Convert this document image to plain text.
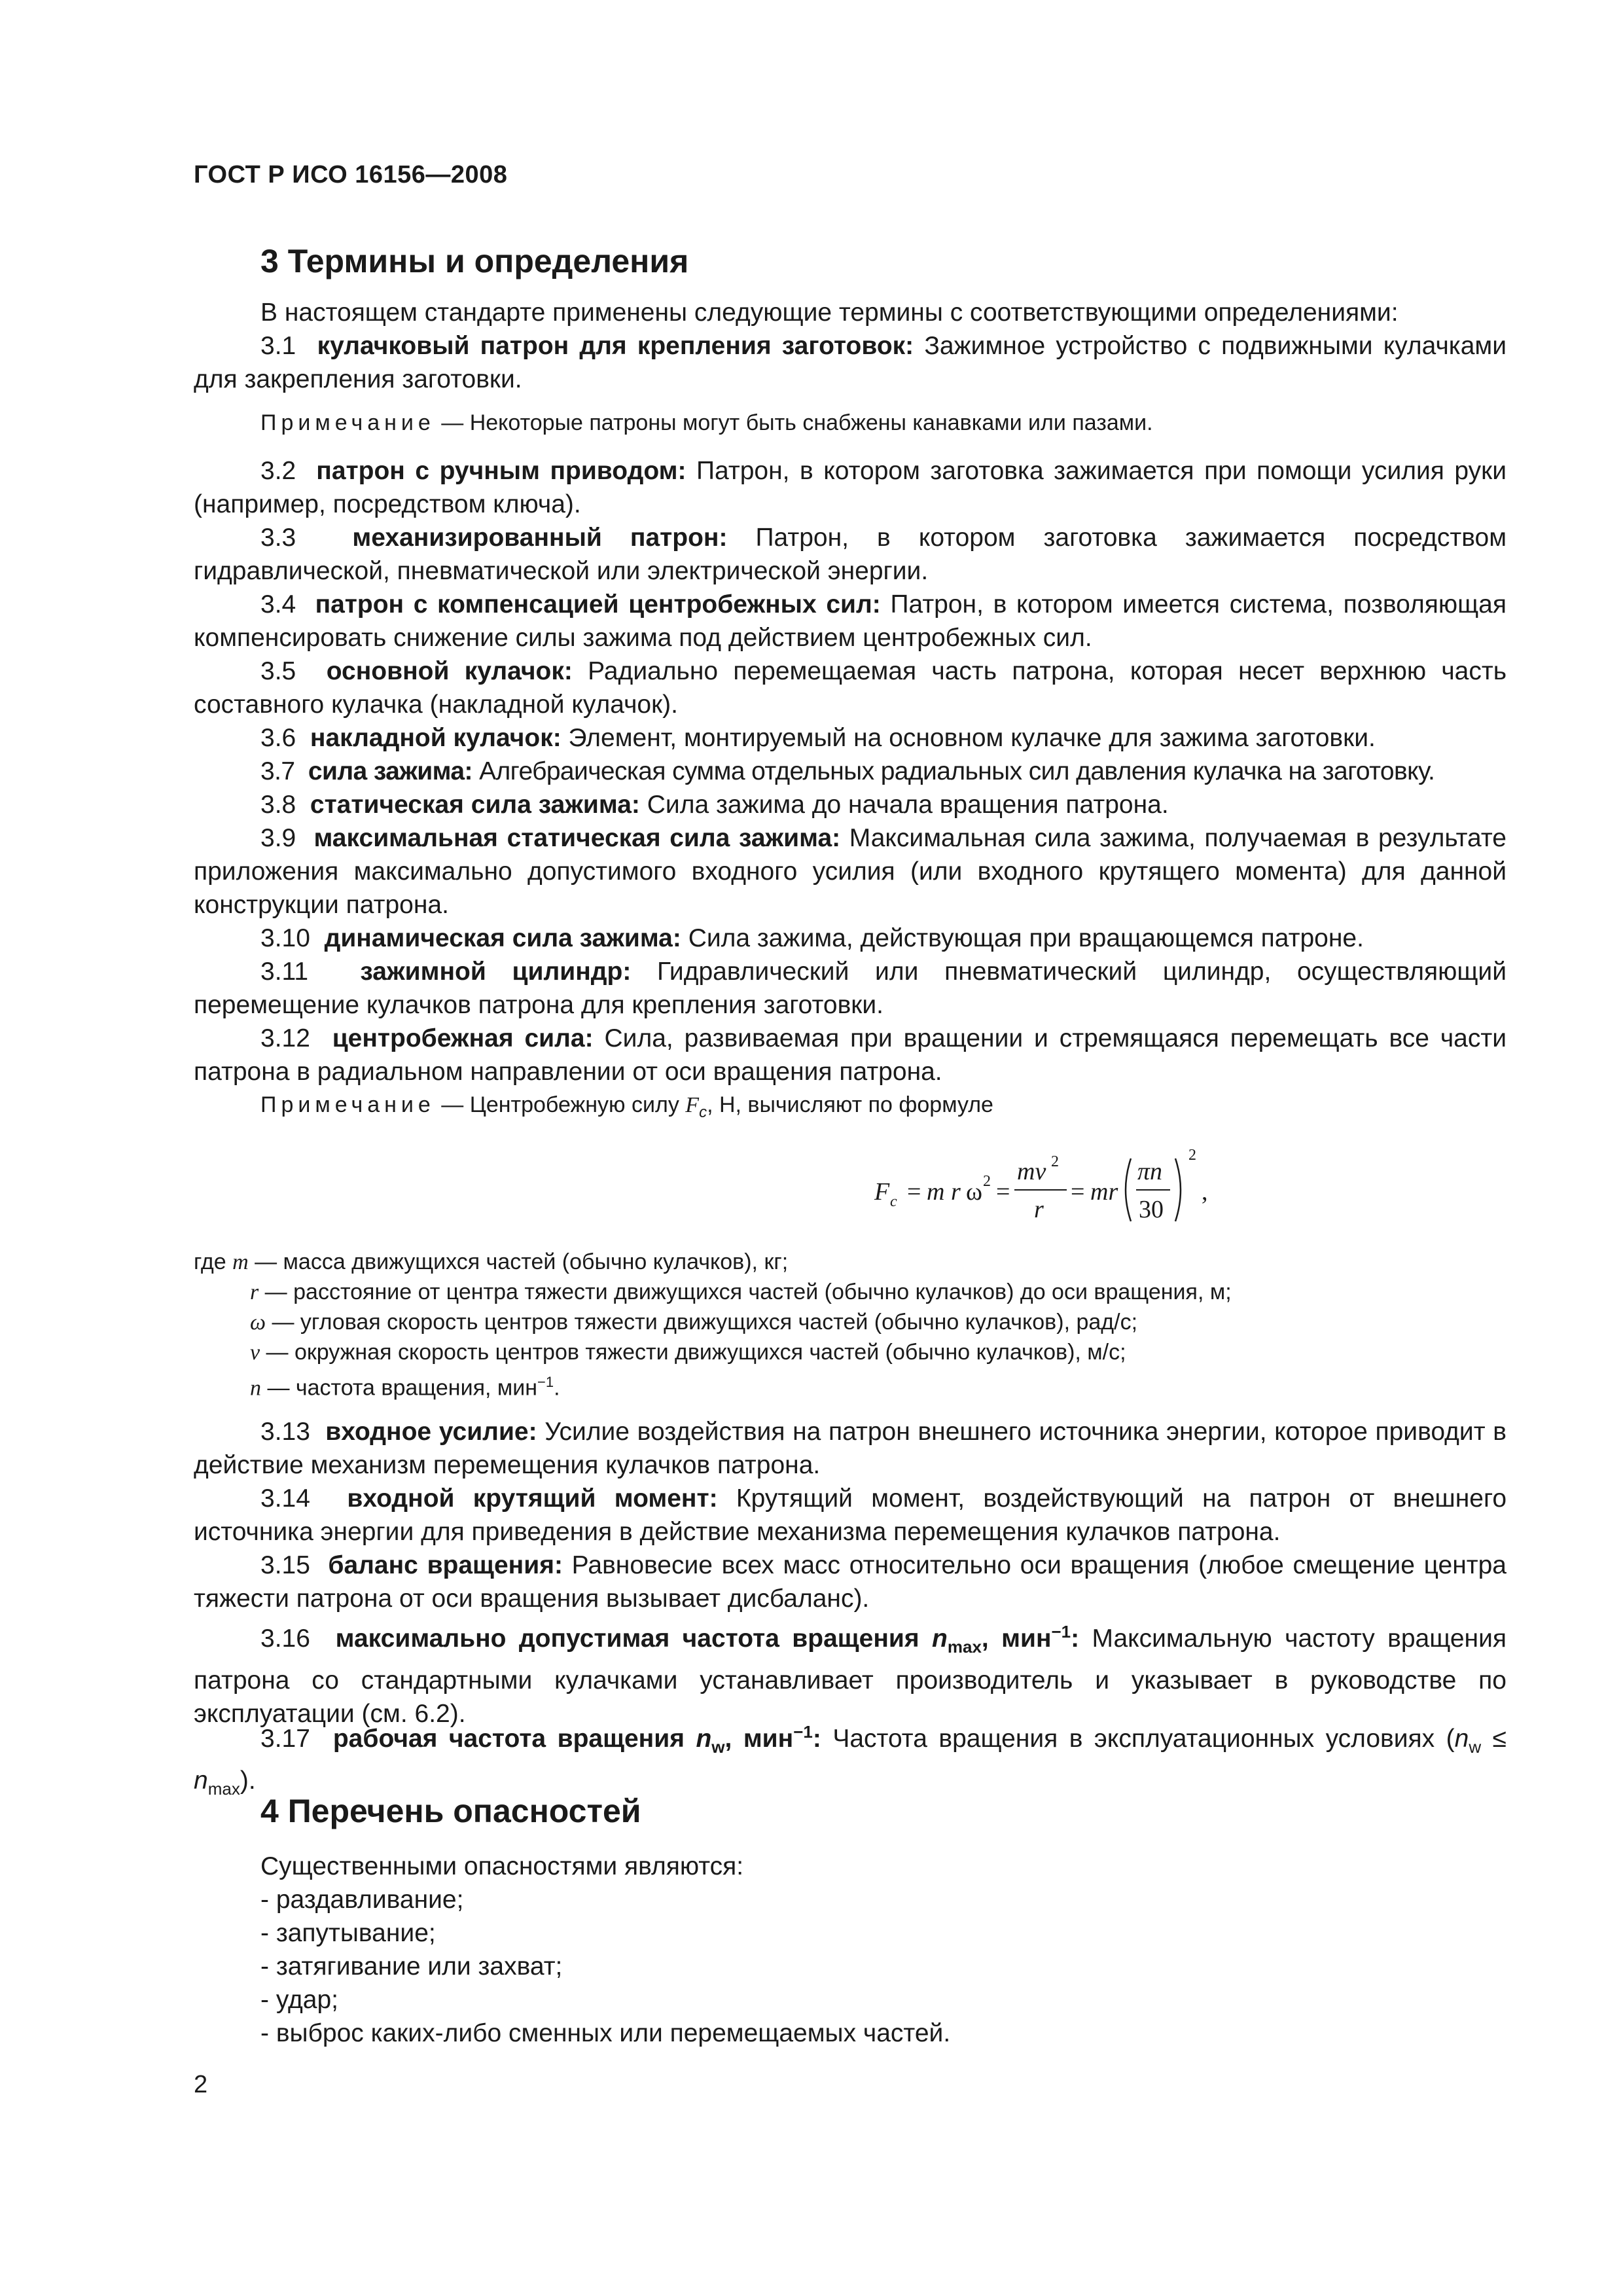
ГОСТ Р ИСО 16156—2008
3 Термины и определения
В настоящем стандарте применены следующие термины с соответствующими определениями:
3.1 кулачковый патрон для крепления заготовок: Зажимное устройство с подвижными кулачками для закрепления заготовки.
Примечание — Некоторые патроны могут быть снабжены канавками или пазами.
3.2 патрон с ручным приводом: Патрон, в котором заготовка зажимается при помощи усилия руки (например, посредством ключа).
3.3 механизированный патрон: Патрон, в котором заготовка зажимается посредством гидравлической, пневматической или электрической энергии.
3.4 патрон с компенсацией центробежных сил: Патрон, в котором имеется система, позволяющая компенсировать снижение силы зажима под действием центробежных сил.
3.5 основной кулачок: Радиально перемещаемая часть патрона, которая несет верхнюю часть составного кулачка (накладной кулачок).
3.6 накладной кулачок: Элемент, монтируемый на основном кулачке для зажима заготовки.
3.7 сила зажима: Алгебраическая сумма отдельных радиальных сил давления кулачка на заготовку.
3.8 статическая сила зажима: Сила зажима до начала вращения патрона.
3.9 максимальная статическая сила зажима: Максимальная сила зажима, получаемая в результате приложения максимально допустимого входного усилия (или входного крутящего момента) для данной конструкции патрона.
3.10 динамическая сила зажима: Сила зажима, действующая при вращающемся патроне.
3.11 зажимной цилиндр: Гидравлический или пневматический цилиндр, осуществляющий перемещение кулачков патрона для крепления заготовки.
3.12 центробежная сила: Сила, развиваемая при вращении и стремящаяся перемещать все части патрона в радиальном направлении от оси вращения патрона.
Примечание — Центробежную силу $F_c$, Н, вычисляют по формуле
F c = m r ω 2 =
mν 2
r
= mr
πn
30
2
,
где m — масса движущихся частей (обычно кулачков), кг;
r — расстояние от центра тяжести движущихся частей (обычно кулачков) до оси вращения, м;
ω — угловая скорость центров тяжести движущихся частей (обычно кулачков), рад/с;
ν — окружная скорость центров тяжести движущихся частей (обычно кулачков), м/с;
n — частота вращения, мин$^{-1}$.
3.13 входное усилие: Усилие воздействия на патрон внешнего источника энергии, которое приводит в действие механизм перемещения кулачков патрона.
3.14 входной крутящий момент: Крутящий момент, воздействующий на патрон от внешнего источника энергии для приведения в действие механизма перемещения кулачков патрона.
3.15 баланс вращения: Равновесие всех масс относительно оси вращения (любое смещение центра тяжести патрона от оси вращения вызывает дисбаланс).
3.16 максимально допустимая частота вращения $n_{max}$, мин$^{-1}$: Максимальную частоту вращения патрона со стандартными кулачками устанавливает производитель и указывает в руководстве по эксплуатации (см. 6.2).
3.17 рабочая частота вращения $n_w$, мин$^{-1}$: Частота вращения в эксплуатационных условиях $(n_w \le n_{max})$.
4 Перечень опасностей
Существенными опасностями являются:
- раздавливание;
- запутывание;
- затягивание или захват;
- удар;
- выброс каких-либо сменных или перемещаемых частей.
2
